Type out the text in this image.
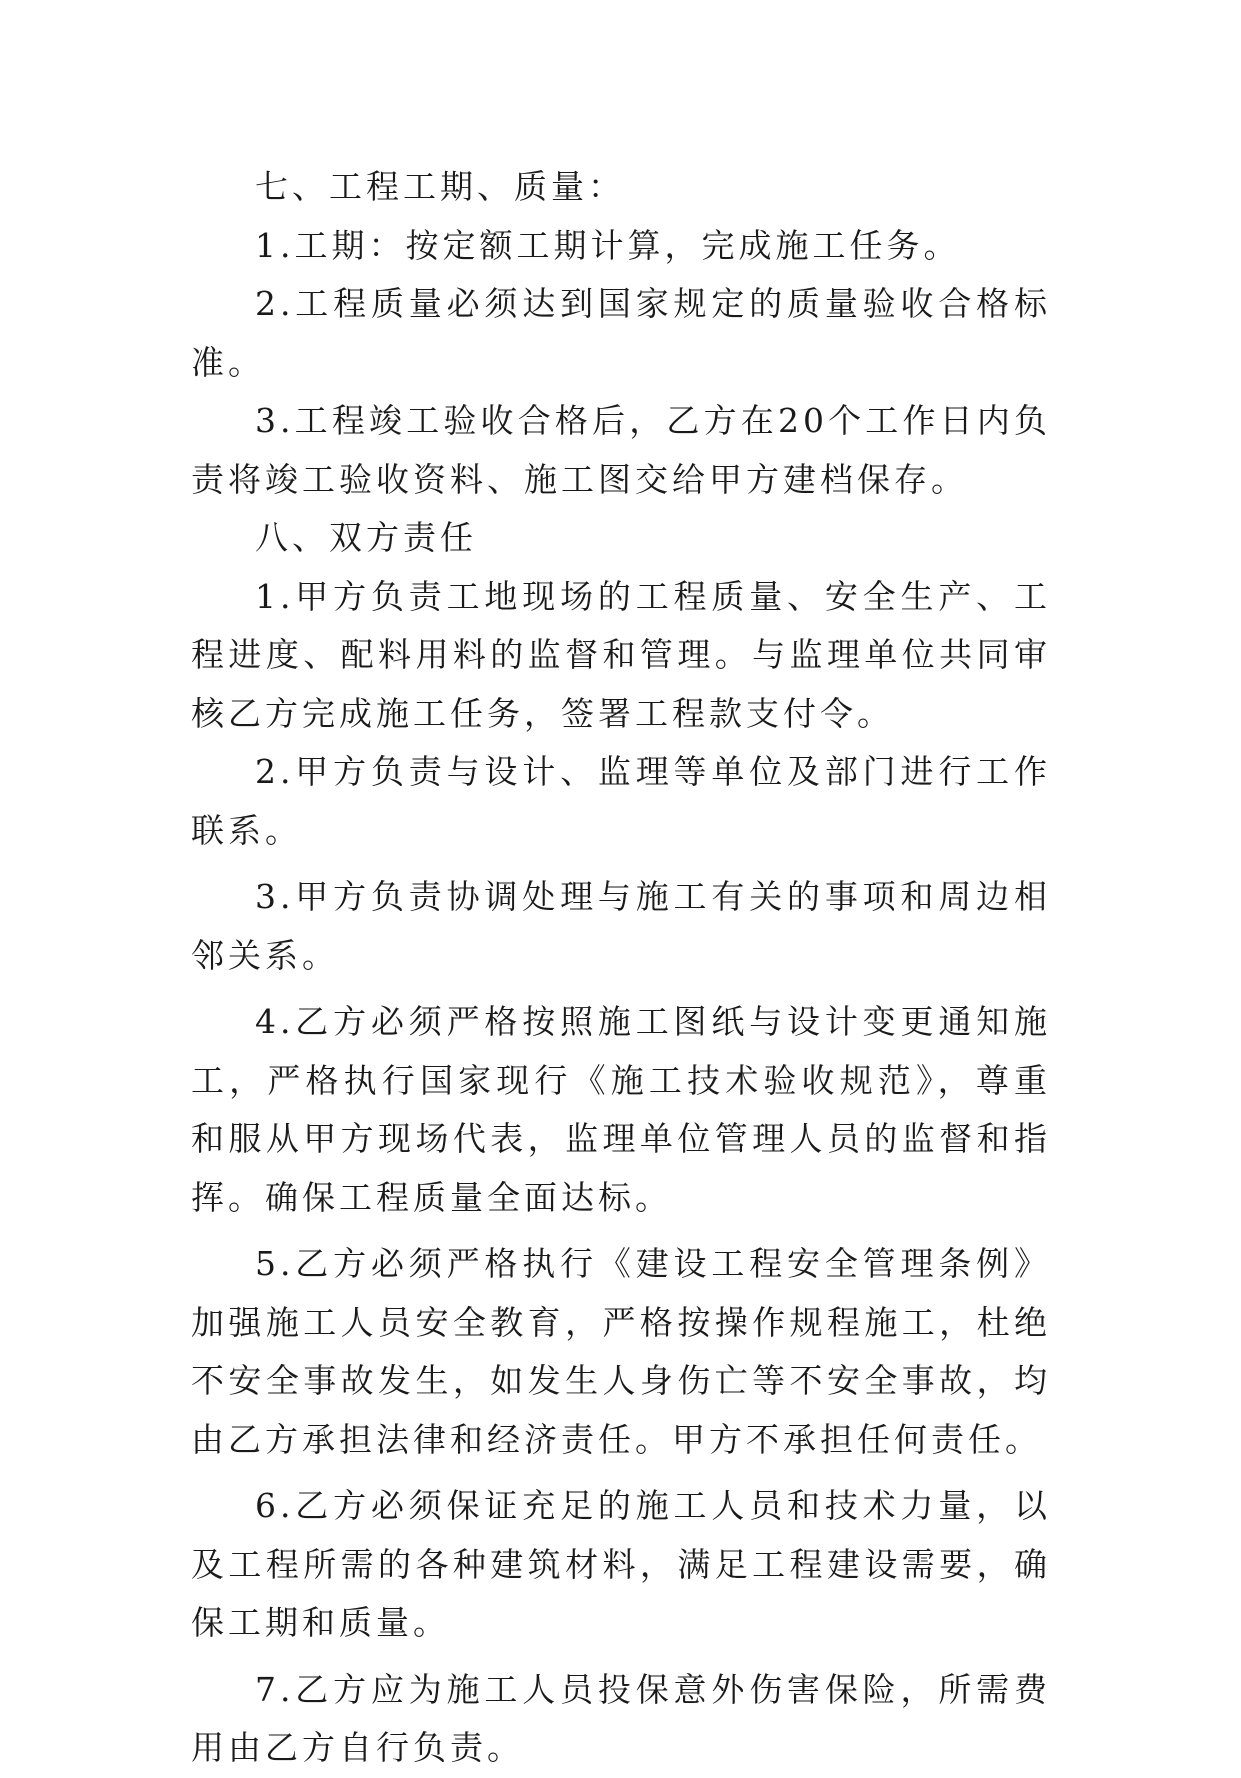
七、工程工期、质量：

1.工期：按定额工期计算，完成施工任务。

2.工程质量必须达到国家规定的质量验收合格标准。

3.工程竣工验收合格后，乙方在20个工作日内负责将竣工验收资料、施工图交给甲方建档保存。

八、双方责任

1.甲方负责工地现场的工程质量、安全生产、工程进度、配料用料的监督和管理。与监理单位共同审核乙方完成施工任务，签署工程款支付令。

2.甲方负责与设计、监理等单位及部门进行工作联系。

3.甲方负责协调处理与施工有关的事项和周边相邻关系。

4.乙方必须严格按照施工图纸与设计变更通知施工，严格执行国家现行《施工技术验收规范》，尊重和服从甲方现场代表，监理单位管理人员的监督和指挥。确保工程质量全面达标。

5.乙方必须严格执行《建设工程安全管理条例》加强施工人员安全教育，严格按操作规程施工，杜绝不安全事故发生，如发生人身伤亡等不安全事故，均由乙方承担法律和经济责任。甲方不承担任何责任。

6.乙方必须保证充足的施工人员和技术力量，以及工程所需的各种建筑材料，满足工程建设需要，确保工期和质量。

7.乙方应为施工人员投保意外伤害保险，所需费用由乙方自行负责。
